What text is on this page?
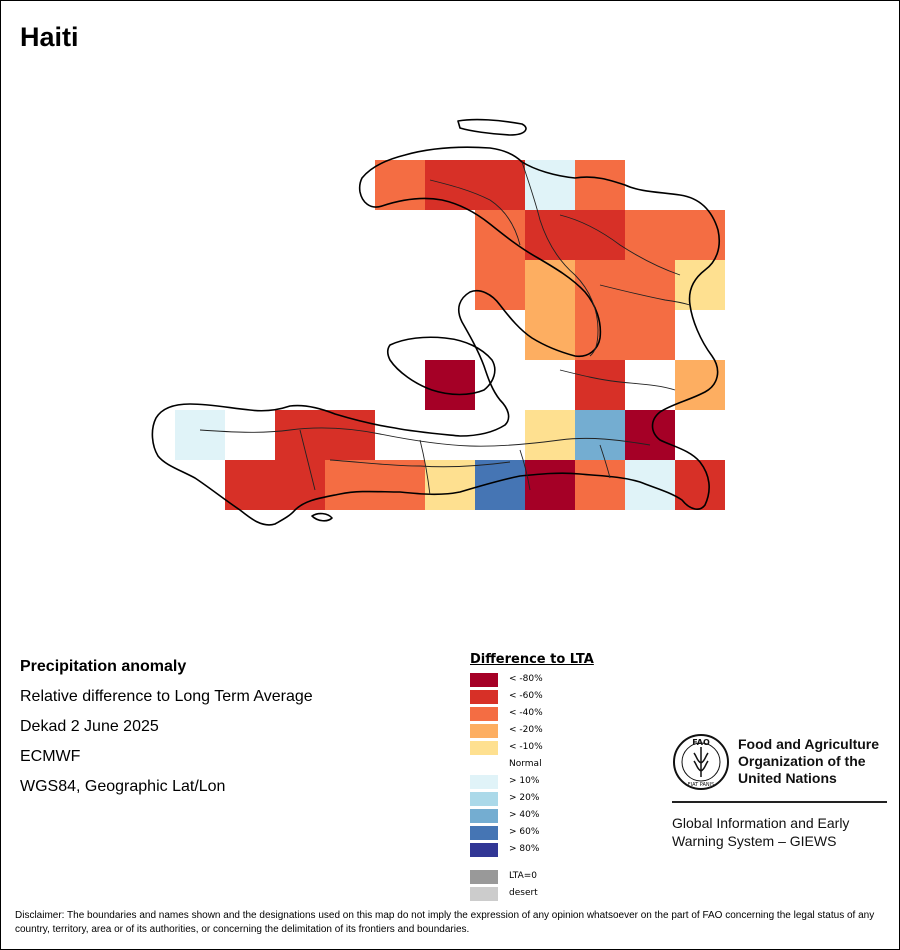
Haiti
Precipitation anomaly
Relative difference to Long Term Average
Dekad 2 June 2025
ECMWF
WGS84, Geographic Lat/Lon
Difference to LTA
< -80%
< -60%
< -40%
< -20%
< -10%
Normal
> 10%
> 20%
> 40%
> 60%
> 80%
LTA=0
desert
FAO
FIAT PANIS
Food and Agriculture
Organization of the
United Nations
Global Information and Early
Warning System – GIEWS
Disclaimer: The boundaries and names shown and the designations used on this map do not imply the expression of any opinion whatsoever on the part of FAO concerning the legal status of any country, territory, area or of its authorities, or concerning the delimitation of its frontiers and boundaries.
